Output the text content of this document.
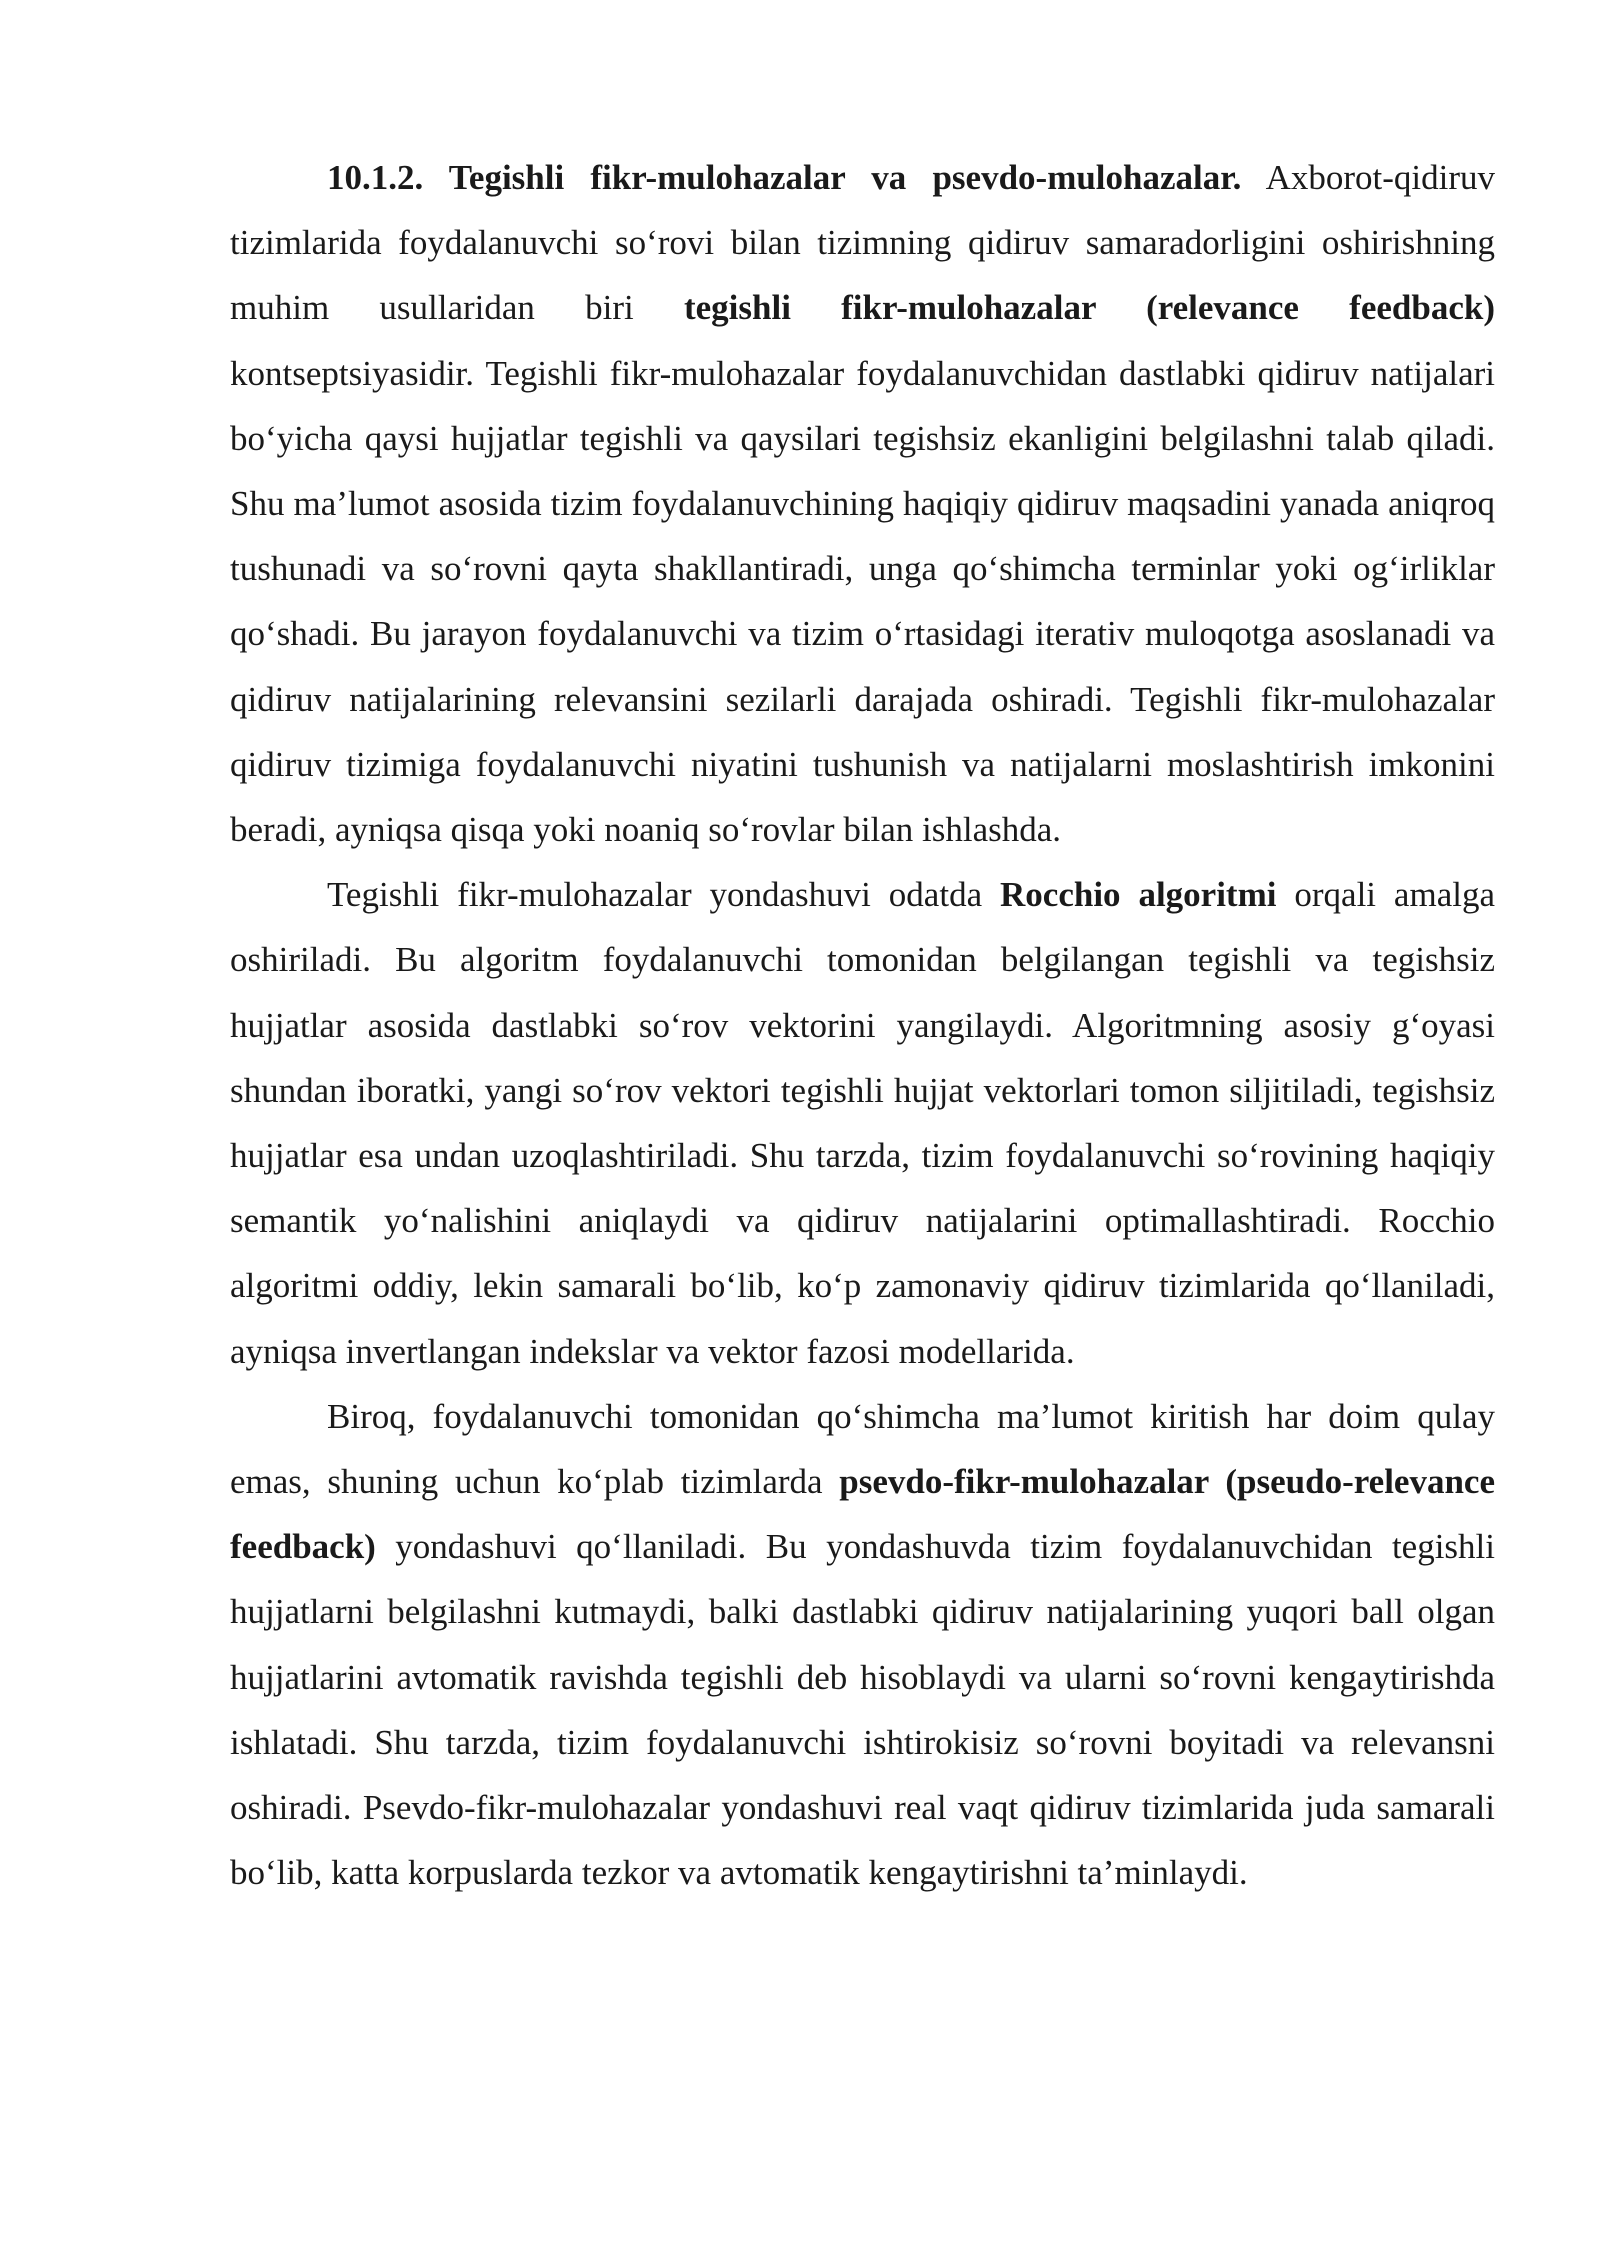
10.1.2. Tegishli fikr-mulohazalar va psevdo-mulohazalar. Axborot-qidiruv tizimlarida foydalanuvchi so‘rovi bilan tizimning qidiruv samaradorligini oshirishning muhim usullaridan biri tegishli fikr-mulohazalar (relevance feedback) kontseptsiyasidir. Tegishli fikr-mulohazalar foydalanuvchidan dastlabki qidiruv natijalari bo‘yicha qaysi hujjatlar tegishli va qaysilari tegishsiz ekanligini belgilashni talab qiladi. Shu ma’lumot asosida tizim foydalanuvchining haqiqiy qidiruv maqsadini yanada aniqroq tushunadi va so‘rovni qayta shakllantiradi, unga qo‘shimcha terminlar yoki og‘irliklar qo‘shadi. Bu jarayon foydalanuvchi va tizim o‘rtasidagi iterativ muloqotga asoslanadi va qidiruv natijalarining relevansini sezilarli darajada oshiradi. Tegishli fikr-mulohazalar qidiruv tizimiga foydalanuvchi niyatini tushunish va natijalarni moslashtirish imkonini beradi, ayniqsa qisqa yoki noaniq so‘rovlar bilan ishlashda.

Tegishli fikr-mulohazalar yondashuvi odatda Rocchio algoritmi orqali amalga oshiriladi. Bu algoritm foydalanuvchi tomonidan belgilangan tegishli va tegishsiz hujjatlar asosida dastlabki so‘rov vektorini yangilaydi. Algoritmning asosiy g‘oyasi shundan iboratki, yangi so‘rov vektori tegishli hujjat vektorlari tomon siljitiladi, tegishsiz hujjatlar esa undan uzoqlashtiriladi. Shu tarzda, tizim foydalanuvchi so‘rovining haqiqiy semantik yo‘nalishini aniqlaydi va qidiruv natijalarini optimallashtiradi. Rocchio algoritmi oddiy, lekin samarali bo‘lib, ko‘p zamonaviy qidiruv tizimlarida qo‘llaniladi, ayniqsa invertlangan indekslar va vektor fazosi modellarida.

Biroq, foydalanuvchi tomonidan qo‘shimcha ma’lumot kiritish har doim qulay emas, shuning uchun ko‘plab tizimlarda psevdo-fikr-mulohazalar (pseudo-relevance feedback) yondashuvi qo‘llaniladi. Bu yondashuvda tizim foydalanuvchidan tegishli hujjatlarni belgilashni kutmaydi, balki dastlabki qidiruv natijalarining yuqori ball olgan hujjatlarini avtomatik ravishda tegishli deb hisoblaydi va ularni so‘rovni kengaytirishda ishlatadi. Shu tarzda, tizim foydalanuvchi ishtirokisiz so‘rovni boyitadi va relevansni oshiradi. Psevdo-fikr-mulohazalar yondashuvi real vaqt qidiruv tizimlarida juda samarali bo‘lib, katta korpuslarda tezkor va avtomatik kengaytirishni ta’minlaydi.
